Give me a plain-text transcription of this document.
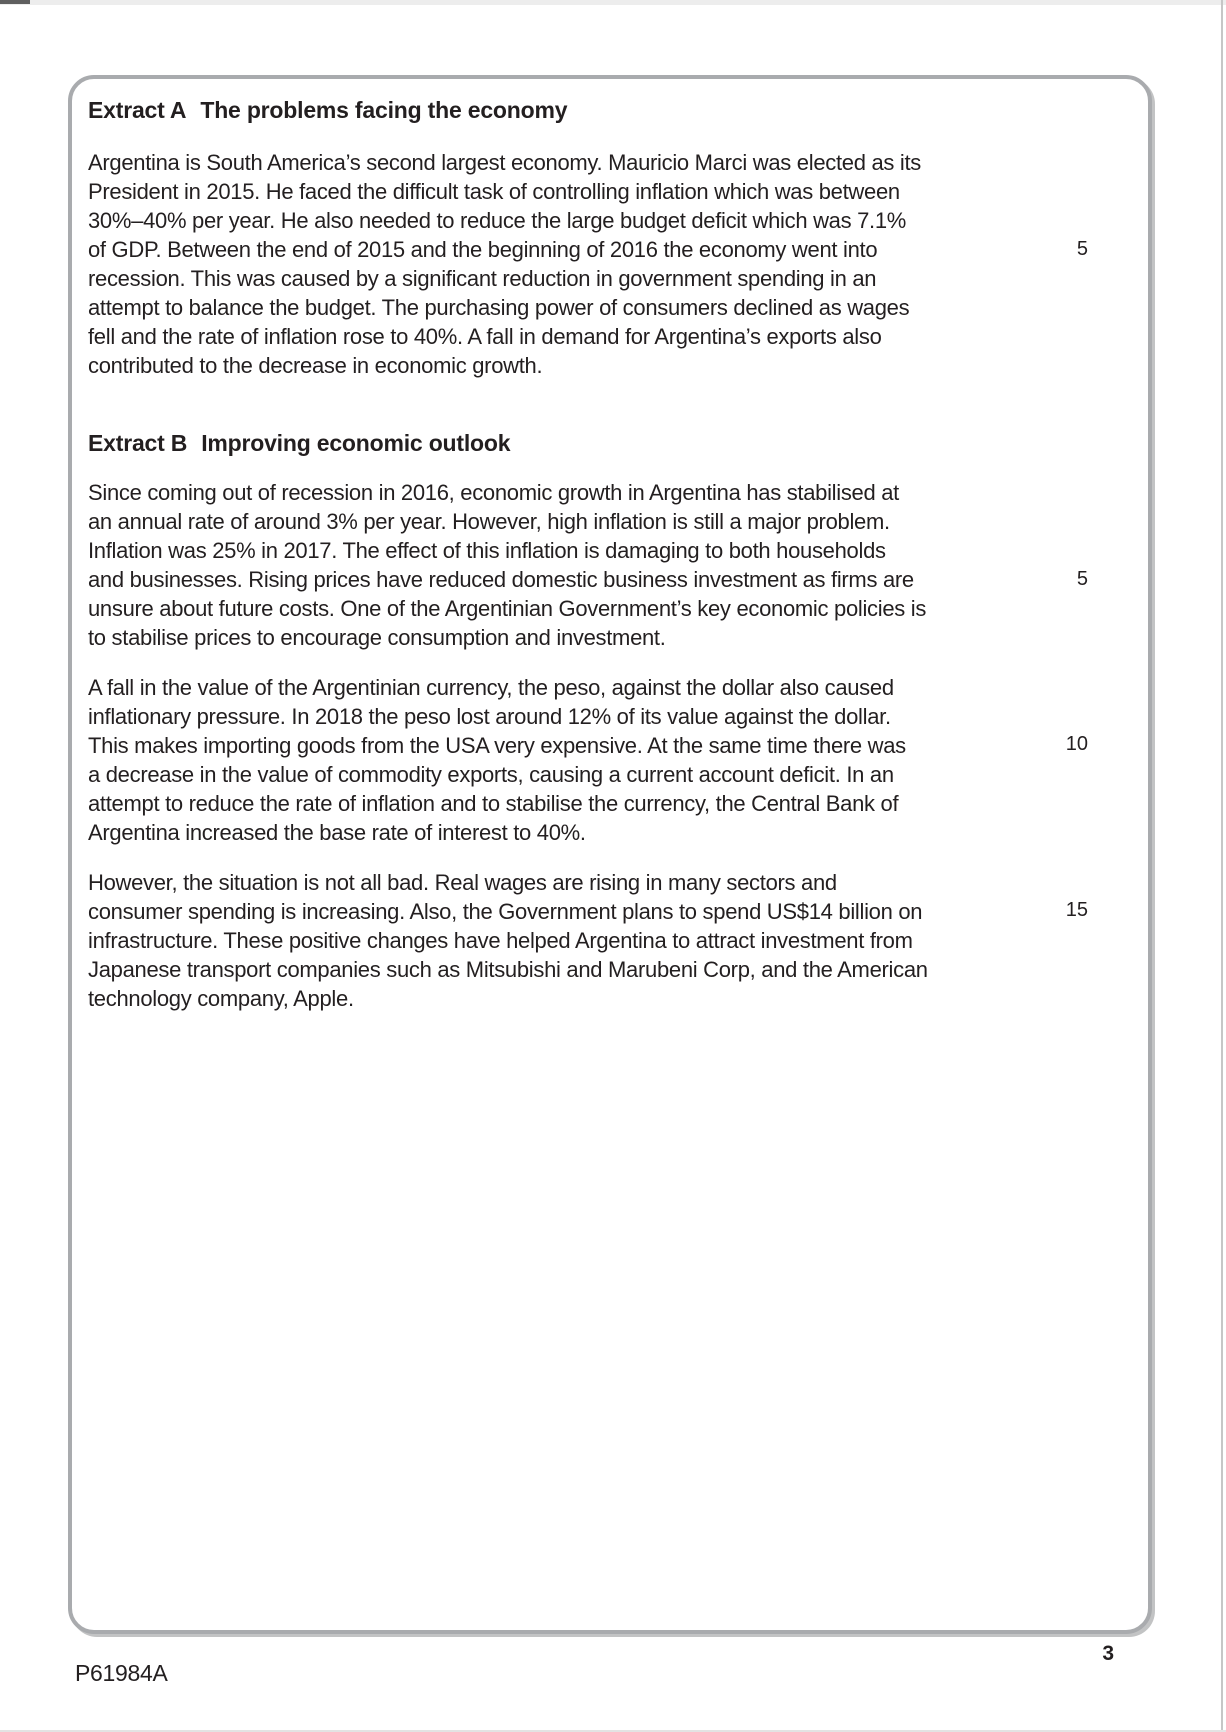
Extract A The problems facing the economy
Argentina is South America’s second largest economy. Mauricio Marci was elected as its
President in 2015. He faced the difficult task of controlling inflation which was between
30%–40% per year. He also needed to reduce the large budget deficit which was 7.1%
of GDP. Between the end of 2015 and the beginning of 2016 the economy went into
recession. This was caused by a significant reduction in government spending in an
attempt to balance the budget. The purchasing power of consumers declined as wages
fell and the rate of inflation rose to 40%. A fall in demand for Argentina’s exports also
contributed to the decrease in economic growth.
Extract B Improving economic outlook
Since coming out of recession in 2016, economic growth in Argentina has stabilised at
an annual rate of around 3% per year. However, high inflation is still a major problem.
Inflation was 25% in 2017. The effect of this inflation is damaging to both households
and businesses. Rising prices have reduced domestic business investment as firms are
unsure about future costs. One of the Argentinian Government’s key economic policies is
to stabilise prices to encourage consumption and investment.
A fall in the value of the Argentinian currency, the peso, against the dollar also caused
inflationary pressure. In 2018 the peso lost around 12% of its value against the dollar.
This makes importing goods from the USA very expensive. At the same time there was
a decrease in the value of commodity exports, causing a current account deficit. In an
attempt to reduce the rate of inflation and to stabilise the currency, the Central Bank of
Argentina increased the base rate of interest to 40%.
However, the situation is not all bad. Real wages are rising in many sectors and
consumer spending is increasing. Also, the Government plans to spend US$14 billion on
infrastructure. These positive changes have helped Argentina to attract investment from
Japanese transport companies such as Mitsubishi and Marubeni Corp, and the American
technology company, Apple.
5
5
10
15
3
P61984A
